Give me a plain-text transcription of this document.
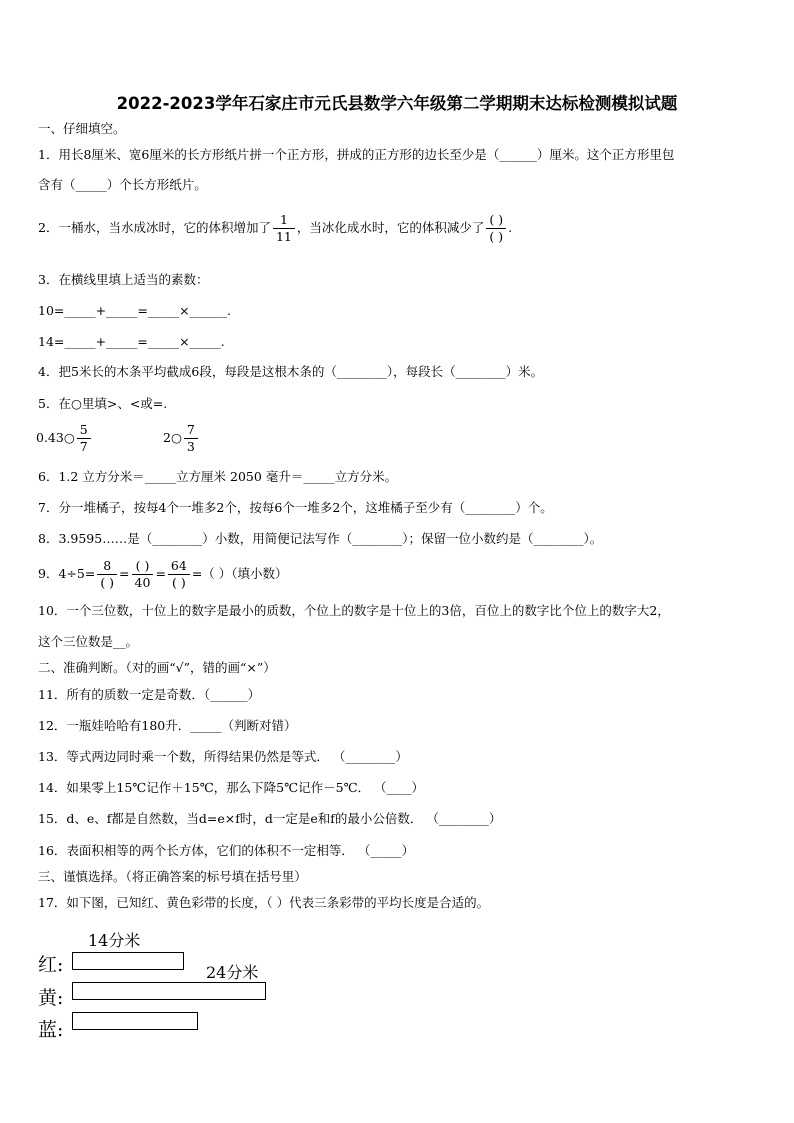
2022-2023学年石家庄市元氏县数学六年级第二学期期末达标检测模拟试题
一、仔细填空。
1．用长8厘米、宽6厘米的长方形纸片拼一个正方形，拼成的正方形的边长至少是（______）厘米。这个正方形里包
含有（_____）个长方形纸片。
2．一桶水，当水成冰时，它的体积增加了 $\frac{1}{11}$ ，当冰化成水时，它的体积减少了 $\frac{( )}{( )}$ .
3．在横线里填上适当的素数：
10=_____+_____=_____×______.
14=_____+_____=_____×_____.
4．把5米长的木条平均截成6段，每段是这根木条的（________），每段长（________）米。
5．在○里填>、<或=.
0.43○ $\frac{5}{7}$	2○ $\frac{7}{3}$
6．1.2 立方分米＝_____立方厘米 2050 毫升＝_____立方分米。
7．分一堆橘子，按每4个一堆多2个，按每6个一堆多2个，这堆橘子至少有（________）个。
8．3.9595……是（________）小数，用简便记法写作（________）；保留一位小数约是（________）。
9．$4\div 5= \frac{8}{( )} = \frac{( )}{40} = \frac{64}{( )}$ =（ ）（填小数）
10．一个三位数，十位上的数字是最小的质数，个位上的数字是十位上的3倍，百位上的数字比个位上的数字大2，
这个三位数是__。
二、准确判断。（对的画“√”，错的画“×”）
11．所有的质数一定是奇数．（______）
12．一瓶娃哈哈有180升．_____（判断对错）
13．等式两边同时乘一个数，所得结果仍然是等式． （________）
14．如果零上15℃记作＋15℃，那么下降5℃记作－5℃． （____）
15．d、e、f都是自然数，当d=e×f时，d一定是e和f的最小公倍数． （________）
16．表面积相等的两个长方体，它们的体积不一定相等． （_____）
三、谨慎选择。（将正确答案的标号填在括号里）
17．如下图，已知红、黄色彩带的长度，（ ）代表三条彩带的平均长度是合适的。
14分米
24分米
红:
黄:
蓝:
